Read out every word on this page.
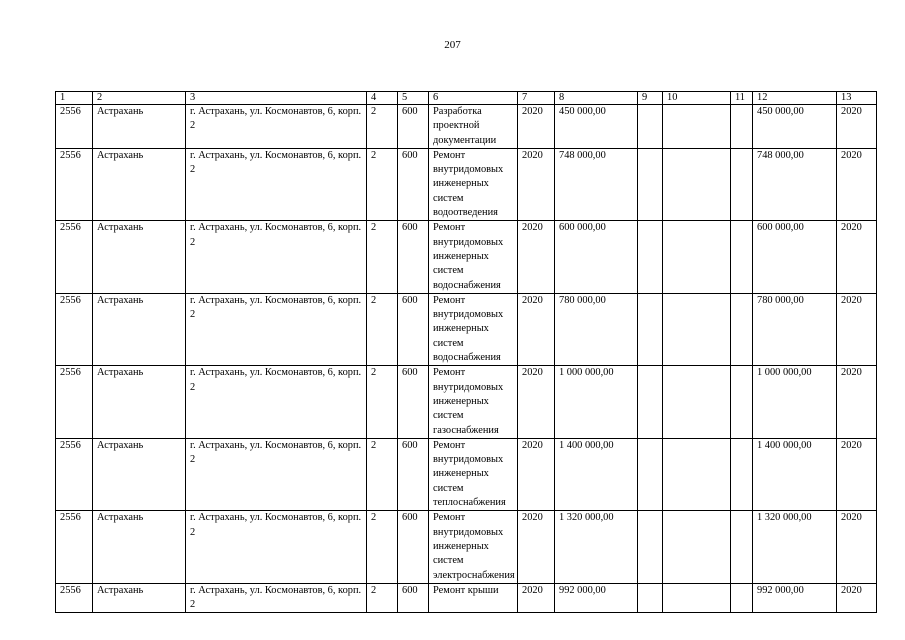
207
1	2	3	4	5	6	7	8	9	10	11	12	13
2556	Астрахань	г. Астрахань, ул. Космонавтов, 6, корп. 2	2	600	Разработка проектной документации	2020	450 000,00				450 000,00	2020
2556	Астрахань	г. Астрахань, ул. Космонавтов, 6, корп. 2	2	600	Ремонт внутридомовых инженерных систем водоотведения	2020	748 000,00				748 000,00	2020
2556	Астрахань	г. Астрахань, ул. Космонавтов, 6, корп. 2	2	600	Ремонт внутридомовых инженерных систем водоснабжения	2020	600 000,00				600 000,00	2020
2556	Астрахань	г. Астрахань, ул. Космонавтов, 6, корп. 2	2	600	Ремонт внутридомовых инженерных систем водоснабжения	2020	780 000,00				780 000,00	2020
2556	Астрахань	г. Астрахань, ул. Космонавтов, 6, корп. 2	2	600	Ремонт внутридомовых инженерных систем газоснабжения	2020	1 000 000,00				1 000 000,00	2020
2556	Астрахань	г. Астрахань, ул. Космонавтов, 6, корп. 2	2	600	Ремонт внутридомовых инженерных систем теплоснабжения	2020	1 400 000,00				1 400 000,00	2020
2556	Астрахань	г. Астрахань, ул. Космонавтов, 6, корп. 2	2	600	Ремонт внутридомовых инженерных систем электроснабжения	2020	1 320 000,00				1 320 000,00	2020
2556	Астрахань	г. Астрахань, ул. Космонавтов, 6, корп. 2	2	600	Ремонт крыши	2020	992 000,00				992 000,00	2020
